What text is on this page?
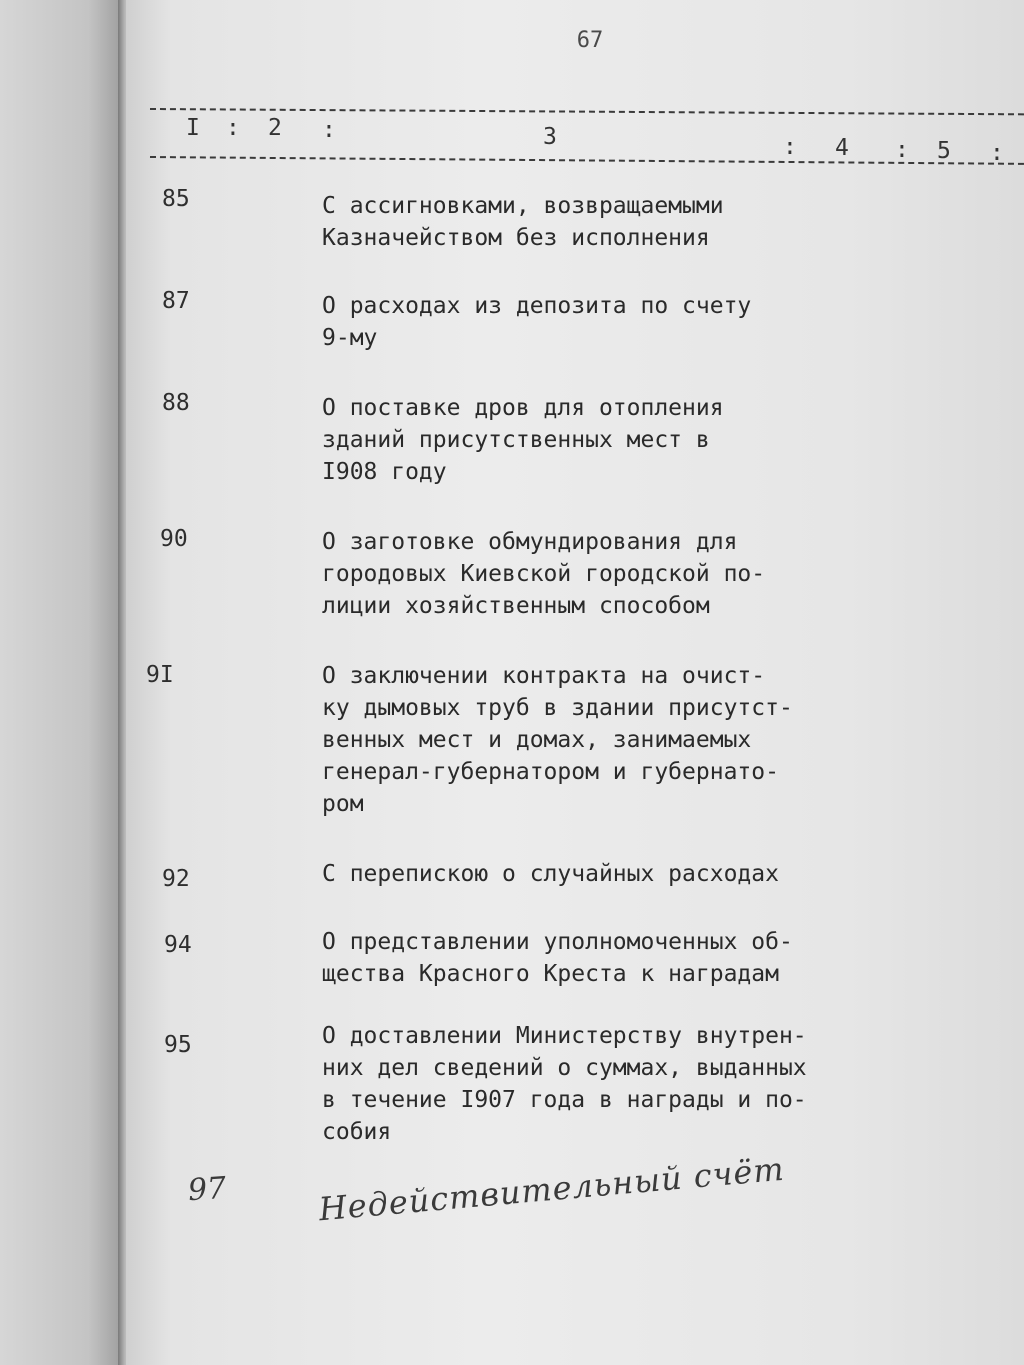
67
I : 2 :	3	: 4 : 5 :
85	С ассигновками, возвращаемыми
Казначейством без исполнения
87	О расходах из депозита по счету
9-му
88	О поставке дров для отопления
зданий присутственных мест в
I908 году
90	О заготовке обмундирования для
городовых Киевской городской по-
лиции хозяйственным способом
9I	О заключении контракта на очист-
ку дымовых труб в здании присутст-
венных мест и домах, занимаемых
генерал-губернатором и губернато-
ром
92	С перепискою о случайных расходах
94	О представлении уполномоченных об-
щества Красного Креста к наградам
95	О доставлении Министерству внутрен-
них дел сведений о суммах, выданных
в течение I907 года в награды и по-
собия
97	Недействительный счёт
